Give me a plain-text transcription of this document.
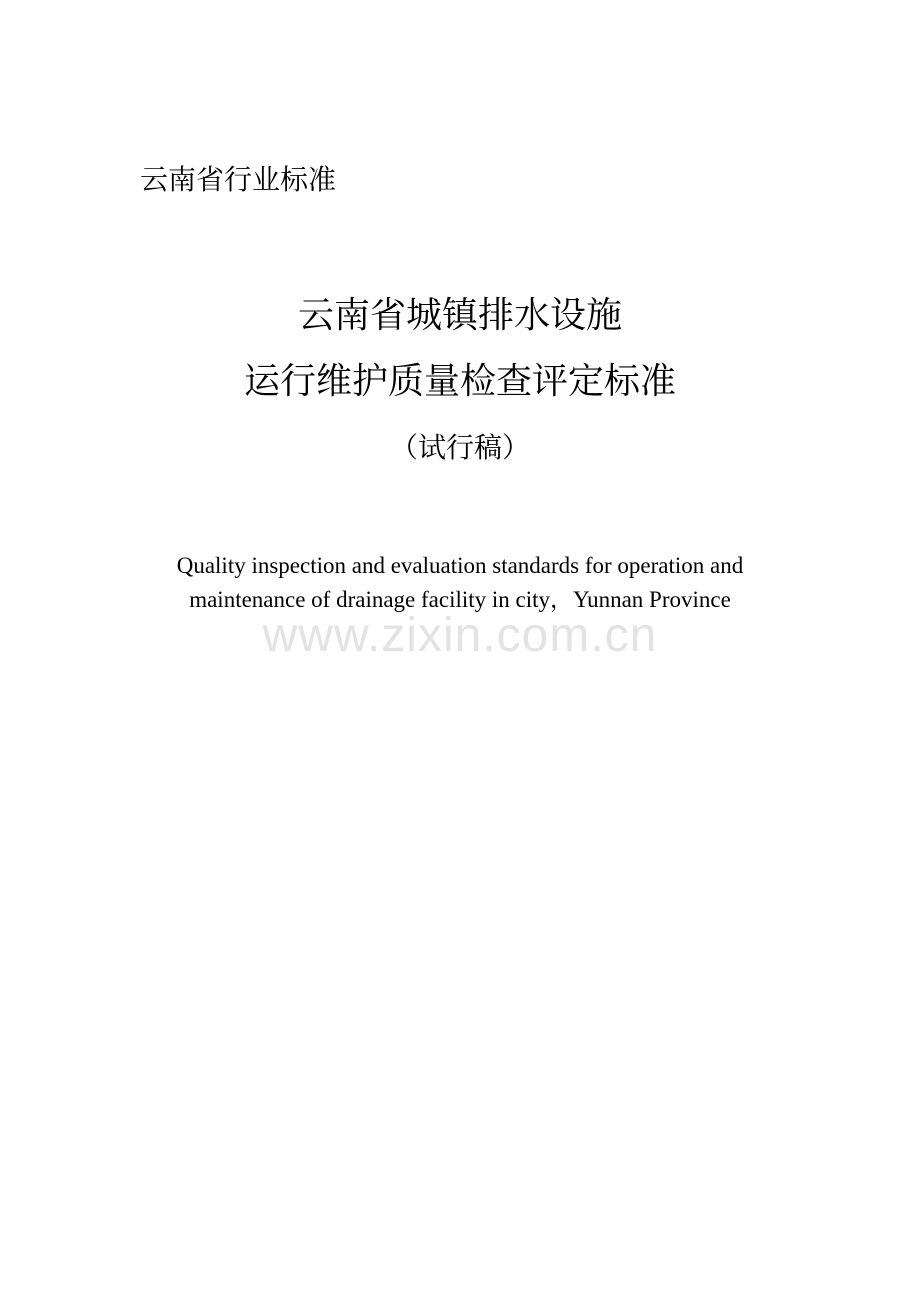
云南省行业标准
云南省城镇排水设施
运行维护质量检查评定标准
（试行稿）
Quality inspection and evaluation standards for operation and
maintenance of drainage facility in city，Yunnan Province
www.zixin.com.cn
